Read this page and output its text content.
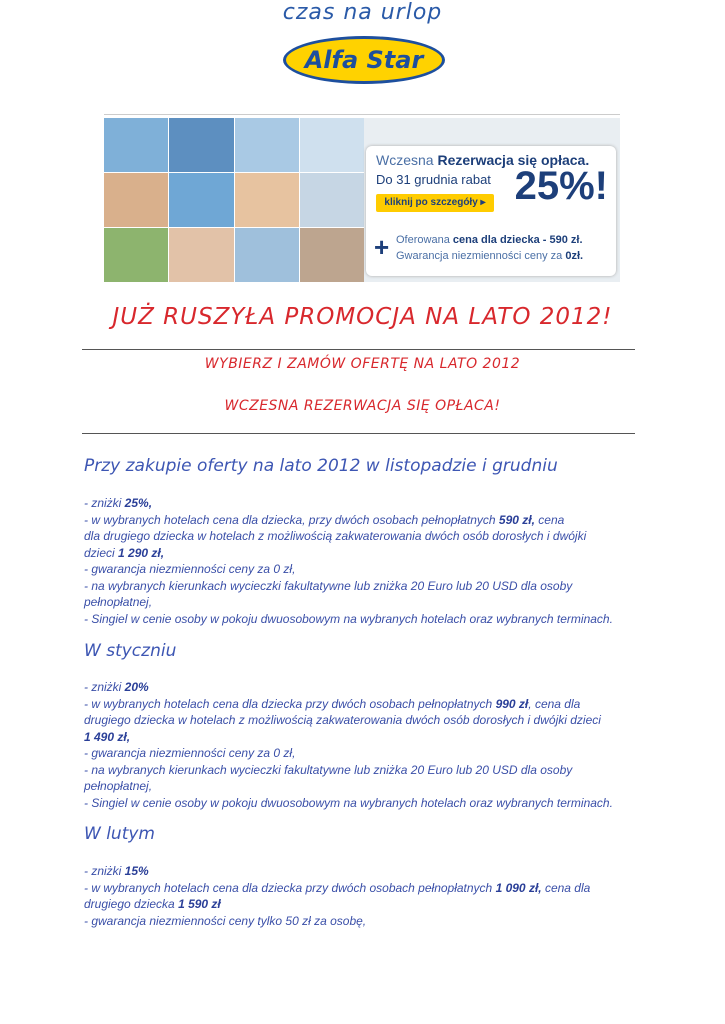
czas na urlop
Alfa Star
Wczesna Rezerwacja się opłaca.
Do 31 grudnia rabat
kliknij po szczegóły ▸ 25%!
+ Oferowana cena dla dziecka - 590 zł.
Gwarancja niezmienności ceny za 0zł.
JUŻ RUSZYŁA PROMOCJA NA LATO 2012!
WYBIERZ I ZAMÓW OFERTĘ NA LATO 2012
WCZESNA REZERWACJA SIĘ OPŁACA!
Przy zakupie oferty na lato 2012 w listopadzie i grudniu
- zniżki 25%,
- w wybranych hotelach cena dla dziecka, przy dwóch osobach pełnopłatnych 590 zł, cena
dla drugiego dziecka w hotelach z możliwością zakwaterowania dwóch osób dorosłych i dwójki
dzieci 1 290 zł,
- gwarancja niezmienności ceny za 0 zł,
- na wybranych kierunkach wycieczki fakultatywne lub zniżka 20 Euro lub 20 USD dla osoby
pełnopłatnej,
- Singiel w cenie osoby w pokoju dwuosobowym na wybranych hotelach oraz wybranych terminach.
W styczniu
- zniżki 20%
- w wybranych hotelach cena dla dziecka przy dwóch osobach pełnopłatnych 990 zł, cena dla
drugiego dziecka w hotelach z możliwością zakwaterowania dwóch osób dorosłych i dwójki dzieci
1 490 zł,
- gwarancja niezmienności ceny za 0 zł,
- na wybranych kierunkach wycieczki fakultatywne lub zniżka 20 Euro lub 20 USD dla osoby
pełnopłatnej,
- Singiel w cenie osoby w pokoju dwuosobowym na wybranych hotelach oraz wybranych terminach.
W lutym
- zniżki 15%
- w wybranych hotelach cena dla dziecka przy dwóch osobach pełnopłatnych 1 090 zł, cena dla
drugiego dziecka 1 590 zł
- gwarancja niezmienności ceny tylko 50 zł za osobę,
